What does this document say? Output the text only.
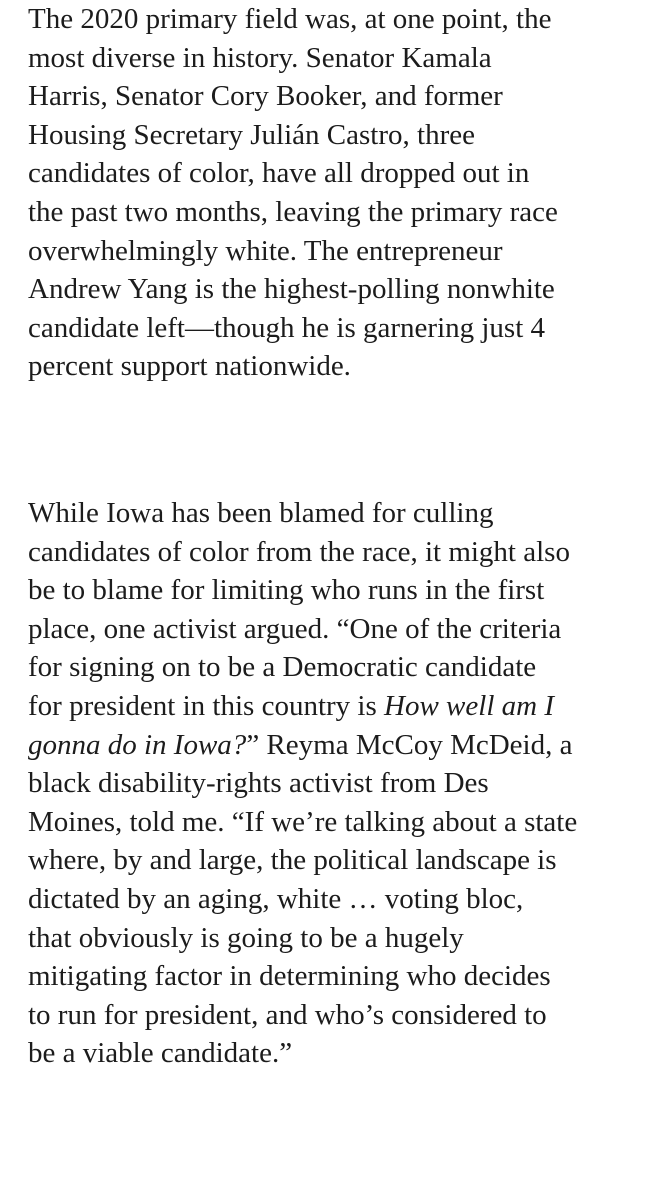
The 2020 primary field was, at one point, the
most diverse in history. Senator Kamala
Harris, Senator Cory Booker, and former
Housing Secretary Julián Castro, three
candidates of color, have all dropped out in
the past two months, leaving the primary race
overwhelmingly white. The entrepreneur
Andrew Yang is the highest-polling nonwhite
candidate left—though he is garnering just 4
percent support nationwide.
While Iowa has been blamed for culling
candidates of color from the race, it might also
be to blame for limiting who runs in the first
place, one activist argued. “One of the criteria
for signing on to be a Democratic candidate
for president in this country is How well am I
gonna do in Iowa?” Reyma McCoy McDeid, a
black disability-rights activist from Des
Moines, told me. “If we’re talking about a state
where, by and large, the political landscape is
dictated by an aging, white … voting bloc,
that obviously is going to be a hugely
mitigating factor in determining who decides
to run for president, and who’s considered to
be a viable candidate.”
